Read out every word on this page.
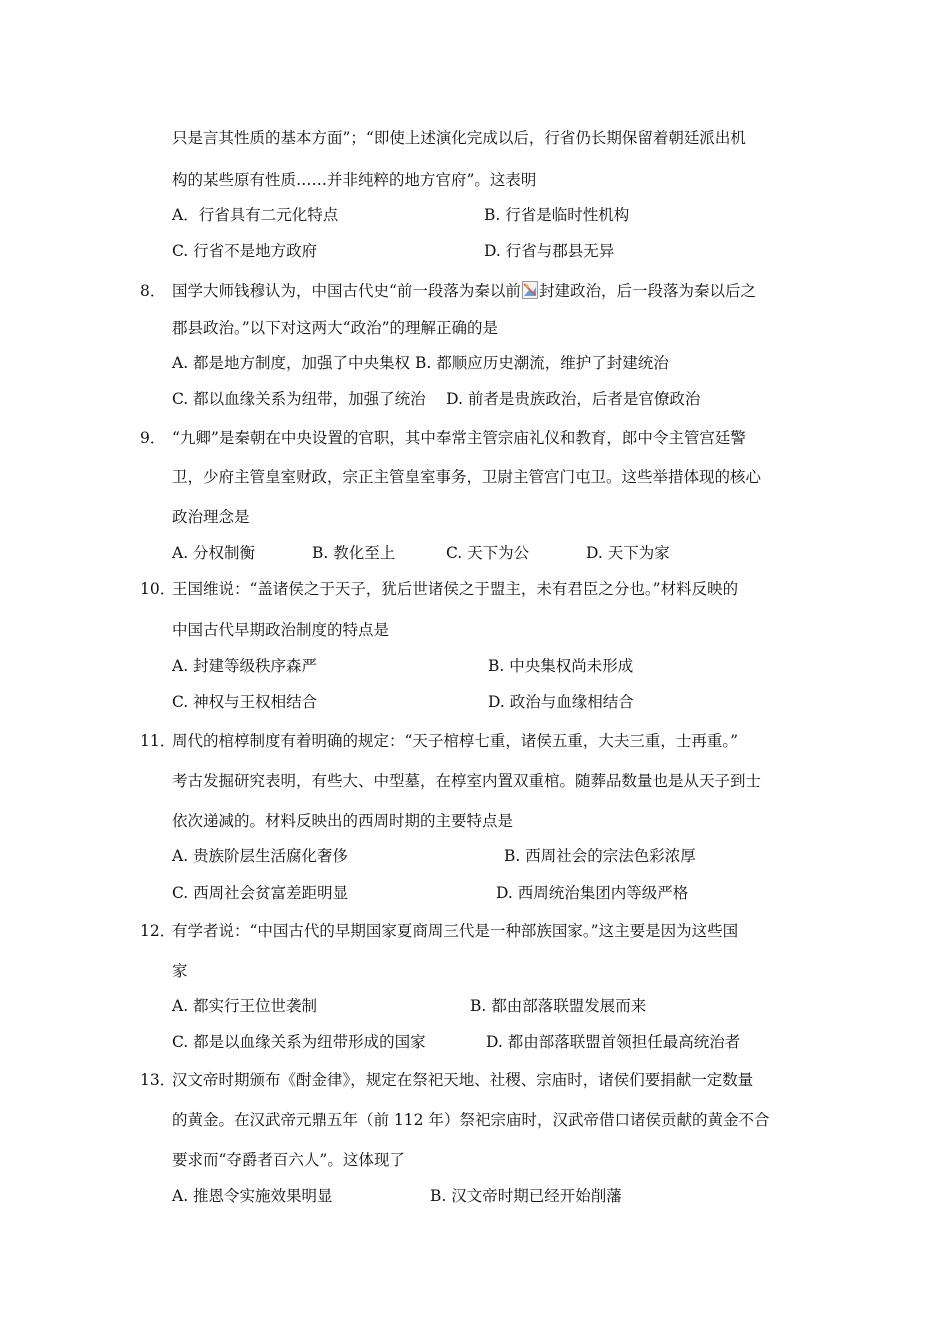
只是言其性质的基本方面”；“即使上述演化完成以后，行省仍长期保留着朝廷派出机
构的某些原有性质……并非纯粹的地方官府”。这表明
A．行省具有二元化特点	B. 行省是临时性机构
C. 行省不是地方政府	D. 行省与郡县无异
8． 国学大师钱穆认为，中国古代史“前一段落为秦以前 封建政治，后一段落为秦以后之
郡县政治。”以下对这两大“政治”的理解正确的是
A. 都是地方制度，加强了中央集权 B. 都顺应历史潮流，维护了封建统治
C. 都以血缘关系为纽带，加强了统治　 D. 前者是贵族政治，后者是官僚政治
9． “九卿”是秦朝在中央设置的官职，其中奉常主管宗庙礼仪和教育，郎中令主管宫廷警
卫，少府主管皇室财政，宗正主管皇室事务，卫尉主管宫门屯卫。这些举措体现的核心
政治理念是
A. 分权制衡	B. 教化至上	C. 天下为公	D. 天下为家
10．
王国维说：“盖诸侯之于天子，犹后世诸侯之于盟主，未有君臣之分也。”材料反映的
中国古代早期政治制度的特点是
A. 封建等级秩序森严	B. 中央集权尚未形成
C. 神权与王权相结合	D. 政治与血缘相结合
11．
周代的棺椁制度有着明确的规定：“天子棺椁七重，诸侯五重，大夫三重，士再重。”
考古发掘研究表明，有些大、中型墓，在椁室内置双重棺。随葬品数量也是从天子到士
依次递减的。材料反映出的西周时期的主要特点是
A. 贵族阶层生活腐化奢侈	B. 西周社会的宗法色彩浓厚
C. 西周社会贫富差距明显	D. 西周统治集团内等级严格
12．
有学者说：“中国古代的早期国家夏商周三代是一种部族国家。”这主要是因为这些国
家
A. 都实行王位世袭制	B. 都由部落联盟发展而来
C. 都是以血缘关系为纽带形成的国家	D. 都由部落联盟首领担任最高统治者
13．
汉文帝时期颁布《酎金律》，规定在祭祀天地、社稷、宗庙时，诸侯们要捐献一定数量
的黄金。在汉武帝元鼎五年（前 112 年）祭祀宗庙时，汉武帝借口诸侯贡献的黄金不合
要求而“夺爵者百六人”。这体现了
A. 推恩令实施效果明显	B. 汉文帝时期已经开始削藩
